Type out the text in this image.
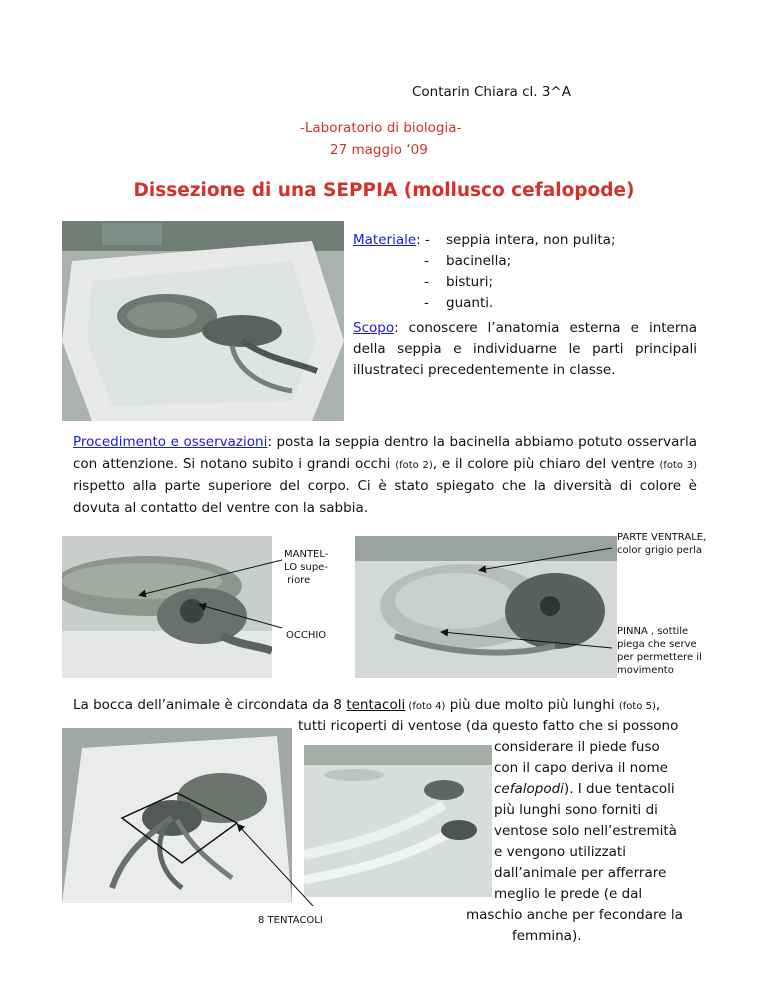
Contarin Chiara cl. 3^A
-Laboratorio di biologia-
27 maggio ‘09
Dissezione di una SEPPIA (mollusco cefalopode)
Materiale: - seppia intera, non pulita;
- bacinella;
- bisturi;
- guanti.
Scopo: conoscere l’anatomia esterna e interna della seppia e individuarne le parti principali illustrateci precedentemente in classe.
Procedimento e osservazioni: posta la seppia dentro la bacinella abbiamo potuto osservarla con attenzione. Si notano subito i grandi occhi (foto 2), e il colore più chiaro del ventre (foto 3) rispetto alla parte superiore del corpo. Ci è stato spiegato che la diversità di colore è dovuta al contatto del ventre con la sabbia.
MANTEL-
LO supe-
riore
OCCHIO
PARTE VENTRALE,
color grigio perla
PINNA , sottile
piega che serve
per permettere il
movimento
8 TENTACOLI
La bocca dell’animale è circondata da 8 tentacoli (foto 4) più due molto più lunghi (foto 5),
tutti ricoperti di ventose (da questo fatto che si possono
considerare il piede fuso
con il capo deriva il nome
cefalopodi). I due tentacoli
più lunghi sono forniti di
ventose solo nell’estremità
e vengono utilizzati
dall’animale per afferrare
meglio le prede (e dal
maschio anche per fecondare la
femmina).
